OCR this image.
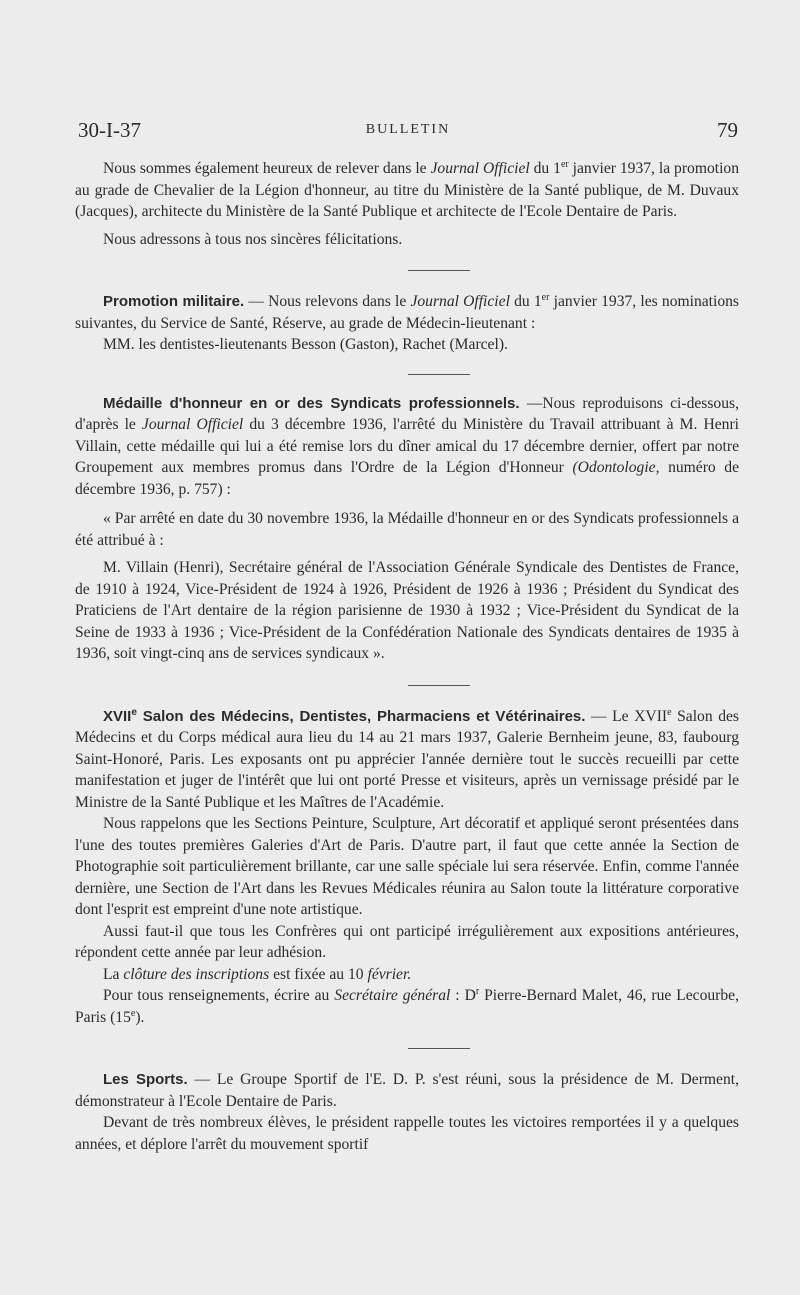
30-I-37	BULLETIN	79

Nous sommes également heureux de relever dans le Journal Officiel du 1er janvier 1937, la promotion au grade de Chevalier de la Légion d'honneur, au titre du Ministère de la Santé publique, de M. Duvaux (Jacques), architecte du Ministère de la Santé Publique et architecte de l'Ecole Dentaire de Paris.

Nous adressons à tous nos sincères félicitations.

Promotion militaire. — Nous relevons dans le Journal Officiel du 1er janvier 1937, les nominations suivantes, du Service de Santé, Réserve, au grade de Médecin-lieutenant :

MM. les dentistes-lieutenants Besson (Gaston), Rachet (Marcel).

Médaille d'honneur en or des Syndicats professionnels. —Nous reproduisons ci-dessous, d'après le Journal Officiel du 3 décembre 1936, l'arrêté du Ministère du Travail attribuant à M. Henri Villain, cette médaille qui lui a été remise lors du dîner amical du 17 décembre dernier, offert par notre Groupement aux membres promus dans l'Ordre de la Légion d'Honneur (Odontologie, numéro de décembre 1936, p. 757) :

« Par arrêté en date du 30 novembre 1936, la Médaille d'honneur en or des Syndicats professionnels a été attribué à :

M. Villain (Henri), Secrétaire général de l'Association Générale Syndicale des Dentistes de France, de 1910 à 1924, Vice-Président de 1924 à 1926, Président de 1926 à 1936 ; Président du Syndicat des Praticiens de l'Art dentaire de la région parisienne de 1930 à 1932 ; Vice-Président du Syndicat de la Seine de 1933 à 1936 ; Vice-Président de la Confédération Nationale des Syndicats dentaires de 1935 à 1936, soit vingt-cinq ans de services syndicaux ».

XVIIe Salon des Médecins, Dentistes, Pharmaciens et Vétérinaires. — Le XVIIe Salon des Médecins et du Corps médical aura lieu du 14 au 21 mars 1937, Galerie Bernheim jeune, 83, faubourg Saint-Honoré, Paris. Les exposants ont pu apprécier l'année dernière tout le succès recueilli par cette manifestation et juger de l'intérêt que lui ont porté Presse et visiteurs, après un vernissage présidé par le Ministre de la Santé Publique et les Maîtres de l'Académie.

Nous rappelons que les Sections Peinture, Sculpture, Art décoratif et appliqué seront présentées dans l'une des toutes premières Galeries d'Art de Paris. D'autre part, il faut que cette année la Section de Photographie soit particulièrement brillante, car une salle spéciale lui sera réservée. Enfin, comme l'année dernière, une Section de l'Art dans les Revues Médicales réunira au Salon toute la littérature corporative dont l'esprit est empreint d'une note artistique.

Aussi faut-il que tous les Confrères qui ont participé irrégulièrement aux expositions antérieures, répondent cette année par leur adhésion.

La clôture des inscriptions est fixée au 10 février.

Pour tous renseignements, écrire au Secrétaire général : $D^r$ Pierre-Bernard Malet, 46, rue Lecourbe, Paris (15e).

Les Sports. — Le Groupe Sportif de l'E. D. P. s'est réuni, sous la présidence de M. Derment, démonstrateur à l'Ecole Dentaire de Paris.

Devant de très nombreux élèves, le président rappelle toutes les victoires remportées il y a quelques années, et déplore l'arrêt du mouvement sportif
